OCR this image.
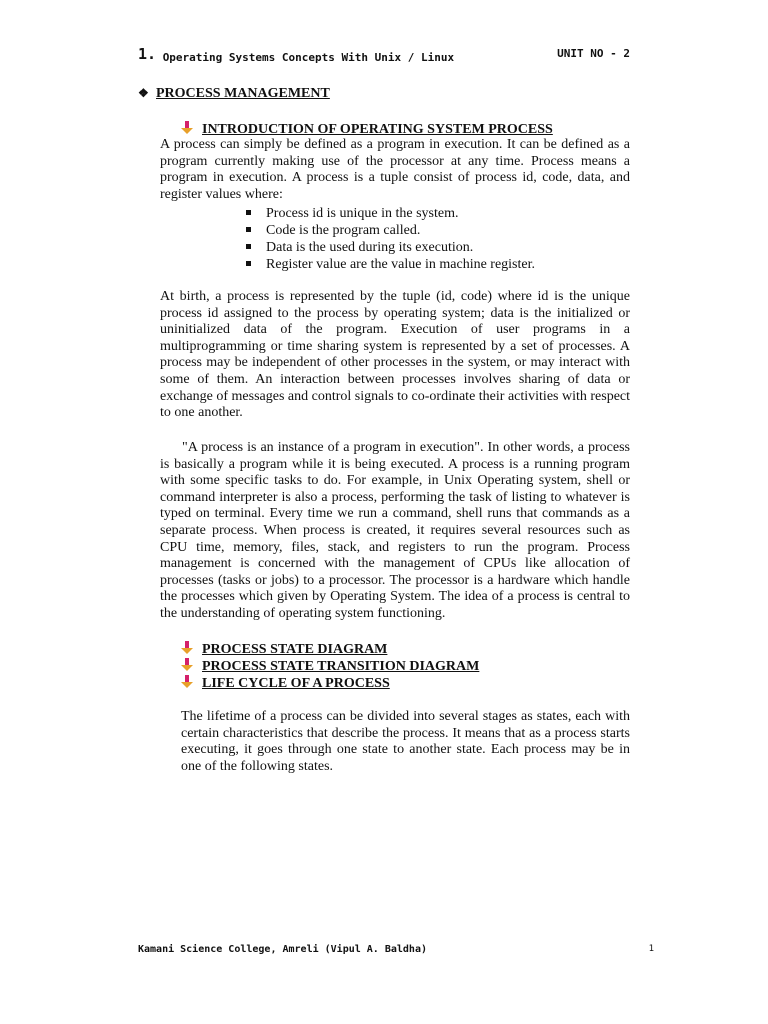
1. Operating Systems Concepts With Unix / Linux	UNIT NO - 2
❖ PROCESS MANAGEMENT
INTRODUCTION OF OPERATING SYSTEM PROCESS

A process can simply be defined as a program in execution. It can be defined as a program currently making use of the processor at any time. Process means a program in execution. A process is a tuple consist of process id, code, data, and register values where:

Process id is unique in the system.
Code is the program called.
Data is the used during its execution.
Register value are the value in machine register.

At birth, a process is represented by the tuple (id, code) where id is the unique process id assigned to the process by operating system; data is the initialized or uninitialized data of the program. Execution of user programs in a multiprogramming or time sharing system is represented by a set of processes. A process may be independent of other processes in the system, or may interact with some of them. An interaction between processes involves sharing of data or exchange of messages and control signals to co-ordinate their activities with respect to one another.

"A process is an instance of a program in execution". In other words, a process is basically a program while it is being executed. A process is a running program with some specific tasks to do. For example, in Unix Operating system, shell or command interpreter is also a process, performing the task of listing to whatever is typed on terminal. Every time we run a command, shell runs that commands as a separate process. When process is created, it requires several resources such as CPU time, memory, files, stack, and registers to run the program. Process management is concerned with the management of CPUs like allocation of processes (tasks or jobs) to a processor. The processor is a hardware which handle the processes which given by Operating System. The idea of a process is central to the understanding of operating system functioning.

PROCESS STATE DIAGRAM
PROCESS STATE TRANSITION DIAGRAM
LIFE CYCLE OF A PROCESS

The lifetime of a process can be divided into several stages as states, each with certain characteristics that describe the process. It means that as a process starts executing, it goes through one state to another state. Each process may be in one of the following states.

Kamani Science College, Amreli (Vipul A. Baldha)	1
